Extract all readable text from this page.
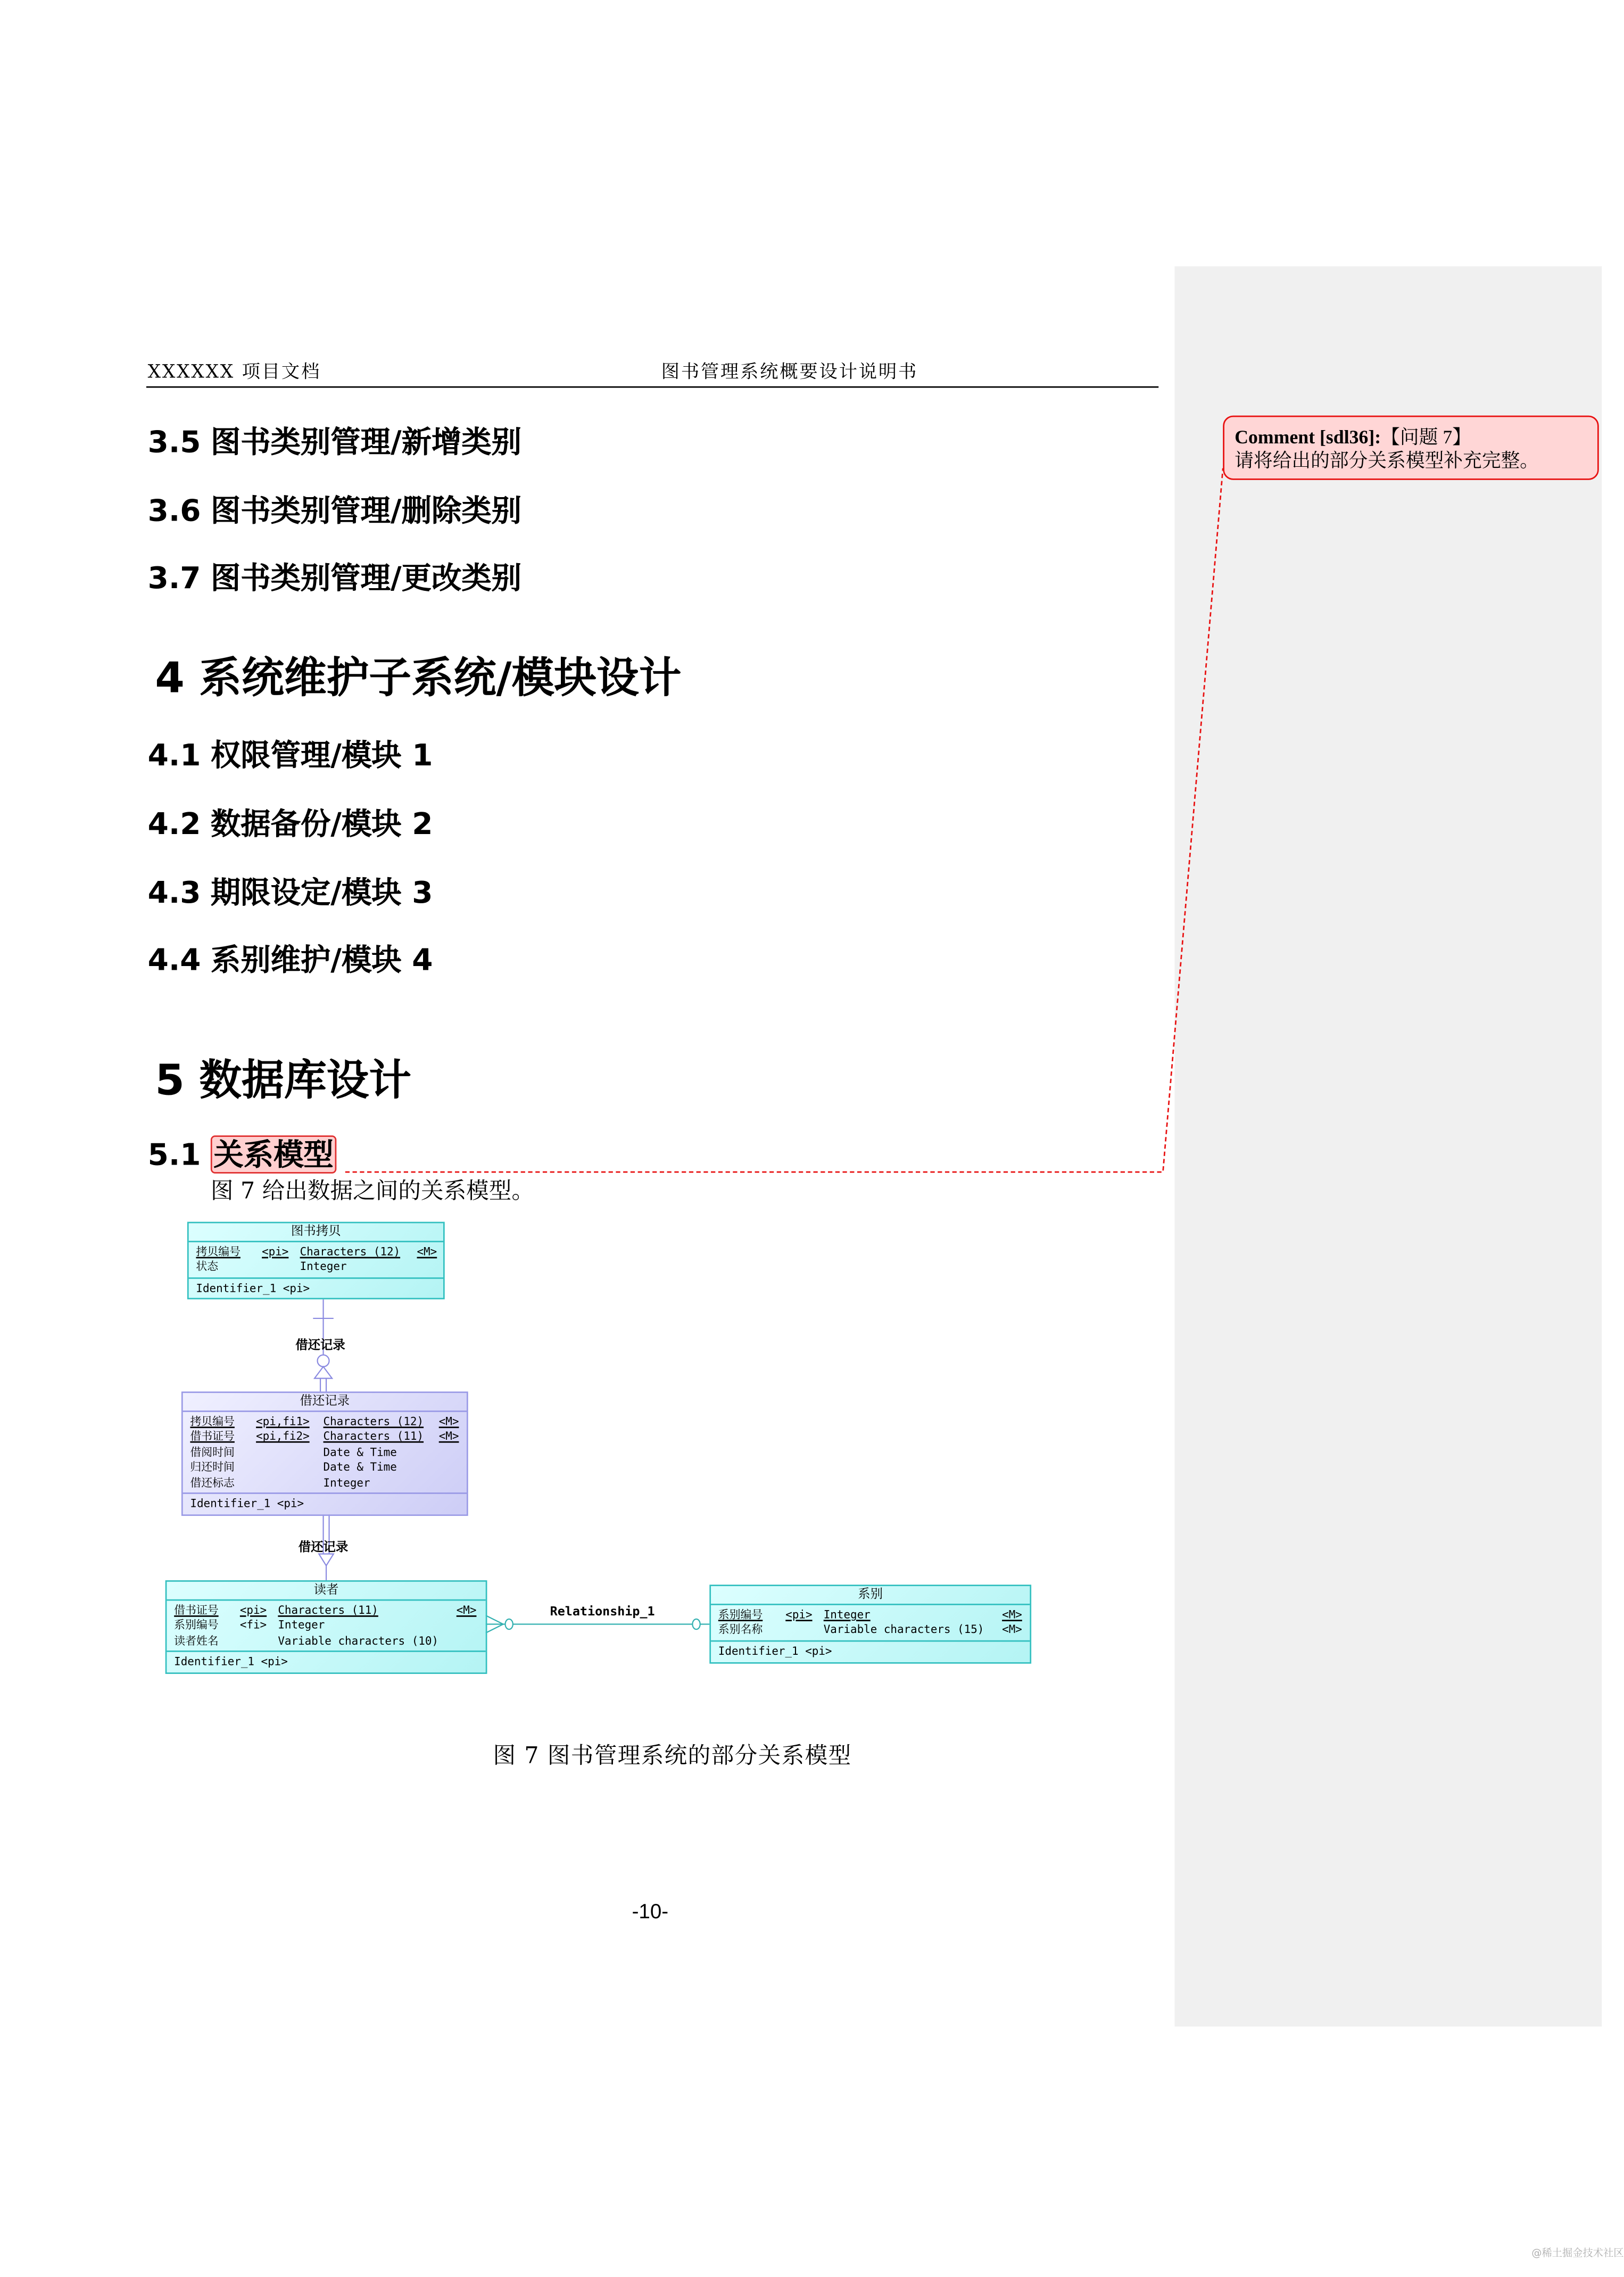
XXXXXX 项目文档	图书管理系统概要设计说明书
3.5 图书类别管理/新增类别
3.6 图书类别管理/删除类别
3.7 图书类别管理/更改类别
4 系统维护子系统/模块设计
4.1 权限管理/模块 1
4.2 数据备份/模块 2
4.3 期限设定/模块 3
4.4 系别维护/模块 4
5 数据库设计
5.1 关系模型
图 7 给出数据之间的关系模型。
借还记录
借还记录
Relationship_1
图书拷贝
拷贝编号	<pi>	Characters (12)	<M>
状态	Integer
Identifier_1 <pi>
借还记录
拷贝编号	<pi,fi1>	Characters (12)	<M>
借书证号	<pi,fi2>	Characters (11)	<M>
借阅时间	Date & Time
归还时间	Date & Time
借还标志	Integer
Identifier_1 <pi>
读者
借书证号	<pi>	Characters (11)	<M>
系别编号	<fi>	Integer
读者姓名	Variable characters (10)
Identifier_1 <pi>
系别
系别编号	<pi>	Integer	<M>
系别名称	Variable characters (15)	<M>
Identifier_1 <pi>
图 7 图书管理系统的部分关系模型
-10-
Comment [sdl36]:【问题 7】
请将给出的部分关系模型补充完整。
@稀土掘金技术社区
